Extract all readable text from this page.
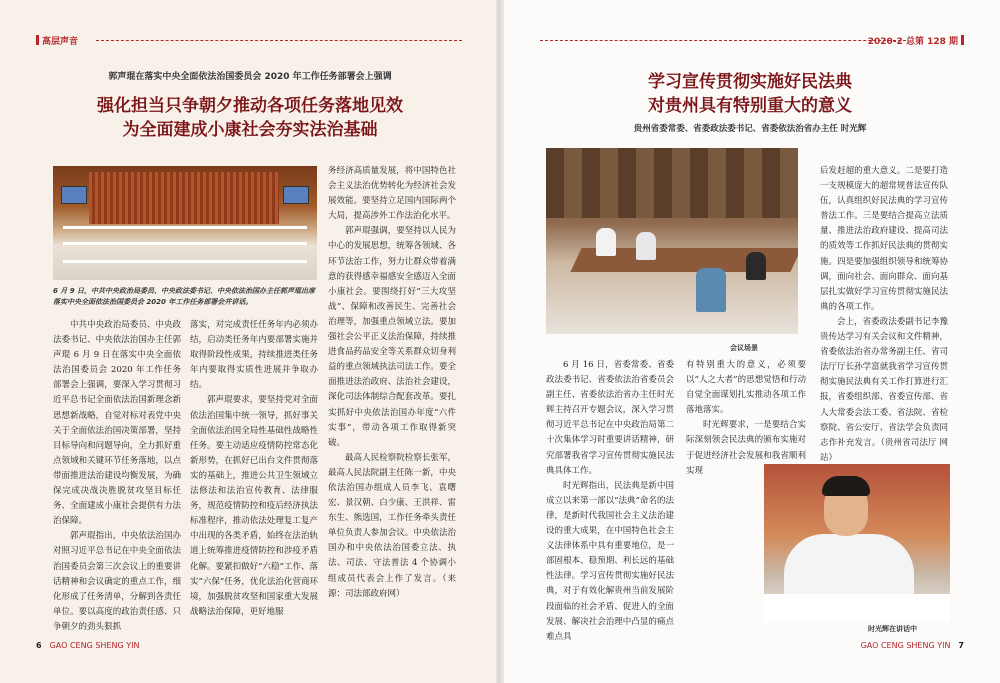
高层声音
郭声琨在落实中央全面依法治国委员会 2020 年工作任务部署会上强调
强化担当只争朝夕推动各项任务落地见效
为全面建成小康社会夯实法治基础
6 月 9 日，中共中央政治局委员、中央政法委书记、中央依法治国办主任郭声琨出席落实中央全面依法治国委员会 2020 年工作任务部署会并讲话。

中共中央政治局委员、中央政法委书记、中央依法治国办主任郭声琨 6 月 9 日在落实中央全面依法治国委员会 2020 年工作任务部署会上强调，要深入学习贯彻习近平总书记全面依法治国新理念新思想新战略，自觉对标对表党中央关于全面依法治国决策部署，坚持目标导向和问题导向，全力抓好重点领域和关键环节任务落地，以点带面推进法治建设均衡发展，为确保完成决战决胜脱贫攻坚目标任务、全面建成小康社会提供有力法治保障。

郭声琨指出，中央依法治国办对照习近平总书记在中央全面依法治国委员会第三次会议上的重要讲话精神和会议确定的重点工作，细化形成了任务清单，分解到各责任单位。要以高度的政治责任感、只争朝夕的劲头狠抓

落实，对完成责任任务年内必须办结，启动类任务年内要部署实施并取得阶段性成果，持续推进类任务年内要取得实质性进展并争取办结。

郭声琨要求，要坚持党对全面依法治国集中统一领导，抓好事关全面依法治国全局性基础性战略性任务。要主动适应疫情防控常态化新形势，在抓好已出台文件贯彻落实的基础上，推进公共卫生领域立法修法和法治宣传教育、法律服务，规范疫情防控和疫后经济执法标准程序，推动依法处理复工复产中出现的各类矛盾，始终在法治轨道上统筹推进疫情防控和涉疫矛盾化解。要紧扣做好“六稳”工作、落实“六保”任务，优化法治化营商环境，加强脱贫攻坚和国家重大发展战略法治保障，更好地服

务经济高质量发展，将中国特色社会主义法治优势转化为经济社会发展效能。要坚持立足国内国际两个大局，提高涉外工作法治化水平。

郭声琨强调，要坚持以人民为中心的发展思想，统筹各领域、各环节法治工作，努力让群众带着满意的获得感幸福感安全感迈入全面小康社会。要围绕打好“三大攻坚战”、保障和改善民生、完善社会治理等，加强重点领域立法。要加强社会公平正义法治保障，持续推进食品药品安全等关系群众切身利益的重点领域执法司法工作。要全面推进法治政府、法治社会建设，深化司法体制综合配套改革。要扎实抓好中央依法治国办年度“六件实事”，带动各项工作取得新突破。

最高人民检察院检察长张军，最高人民法院副主任陈一新，中央依法治国办组成人员李飞、袁曙宏、景汉朝、白少康、王洪祥、雷东生、熊选国，工作任务牵头责任单位负责人参加会议。中央依法治国办和中央依法治国委立法、执法、司法、守法普法 4 个协调小组成员代表会上作了发言。（来源：司法部政府网）

6 GAO CENG SHENG YIN
2020-2 总第 128 期
学习宣传贯彻实施好民法典
对贵州具有特别重大的意义
贵州省委常委、省委政法委书记、省委依法治省办主任 时光辉
会议场景

6 月 16 日，省委常委、省委政法委书记、省委依法治省委员会副主任、省委依法治省办主任时光辉主持召开专题会议，深入学习贯彻习近平总书记在中央政治局第二十次集体学习时重要讲话精神，研究部署我省学习宣传贯彻实施民法典具体工作。

时光辉指出，民法典是新中国成立以来第一部以“法典”命名的法律，是新时代我国社会主义法治建设的重大成果，在中国特色社会主义法律体系中具有重要地位，是一部固根本、稳预期、利长远的基础性法律。学习宣传贯彻实施好民法典，对于有效化解贵州当前发展阶段面临的社会矛盾、促进人的全面发展、解决社会治理中凸显的痛点难点具

有特别重大的意义，必须要以“人之大者”的思想觉悟和行动自觉全面谋划扎实推动各项工作落地落实。

时光辉要求，一是要结合实际深刻领会民法典的颁布实施对于促进经济社会发展和我省顺利实现

后发赶超的重大意义。二是要打造一支规模庞大的超常规普法宣传队伍，认真组织好民法典的学习宣传普法工作。三是要结合提高立法质量、推进法治政府建设、提高司法的质效等工作抓好民法典的贯彻实施。四是要加强组织领导和统筹协调，面向社会、面向群众、面向基层扎实做好学习宣传贯彻实施民法典的各项工作。

会上，省委政法委副书记李豫贵传达学习有关会议和文件精神，省委依法治省办常务副主任、省司法厅厅长孙学富就我省学习宣传贯彻实施民法典有关工作打算进行汇报，省委组织部、省委宣传部、省人大常委会法工委、省法院、省检察院、省公安厅、省法学会负责同志作补充发言。（贵州省司法厅 网站）

时光辉在讲话中
GAO CENG SHENG YIN 7
